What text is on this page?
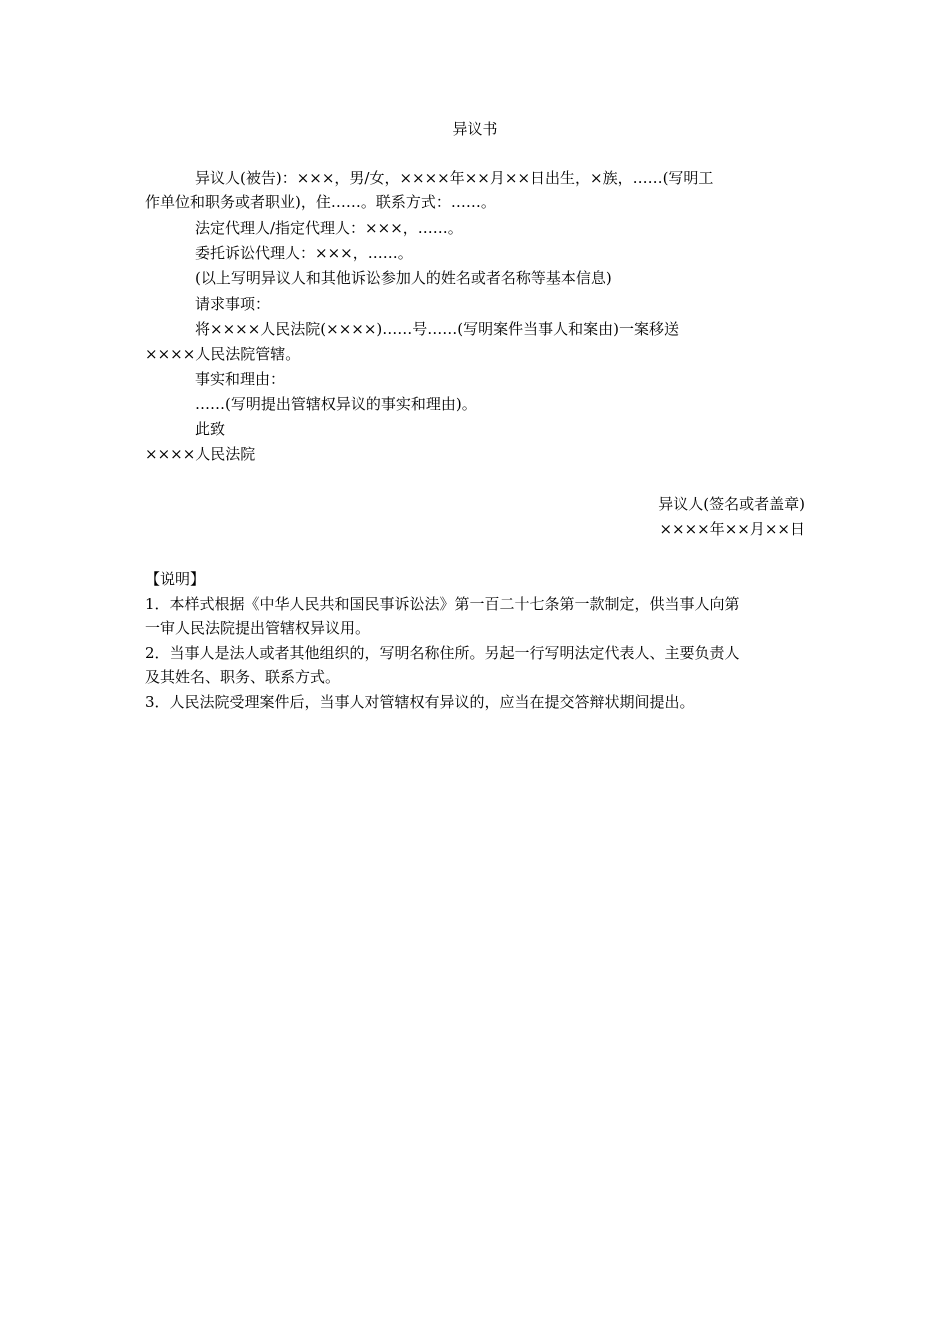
异议书
异议人(被告)：×××，男/女，××××年××月××日出生，×族，……(写明工
作单位和职务或者职业)，住……。联系方式：……。
法定代理人/指定代理人：×××，……。
委托诉讼代理人：×××，……。
(以上写明异议人和其他诉讼参加人的姓名或者名称等基本信息)
请求事项：
将××××人民法院(××××)……号……(写明案件当事人和案由)一案移送
××××人民法院管辖。
事实和理由：
……(写明提出管辖权异议的事实和理由)。
此致
××××人民法院
异议人(签名或者盖章)
××××年××月××日
【说明】
1．本样式根据《中华人民共和国民事诉讼法》第一百二十七条第一款制定，供当事人向第
一审人民法院提出管辖权异议用。
2．当事人是法人或者其他组织的，写明名称住所。另起一行写明法定代表人、主要负责人
及其姓名、职务、联系方式。
3．人民法院受理案件后，当事人对管辖权有异议的，应当在提交答辩状期间提出。
